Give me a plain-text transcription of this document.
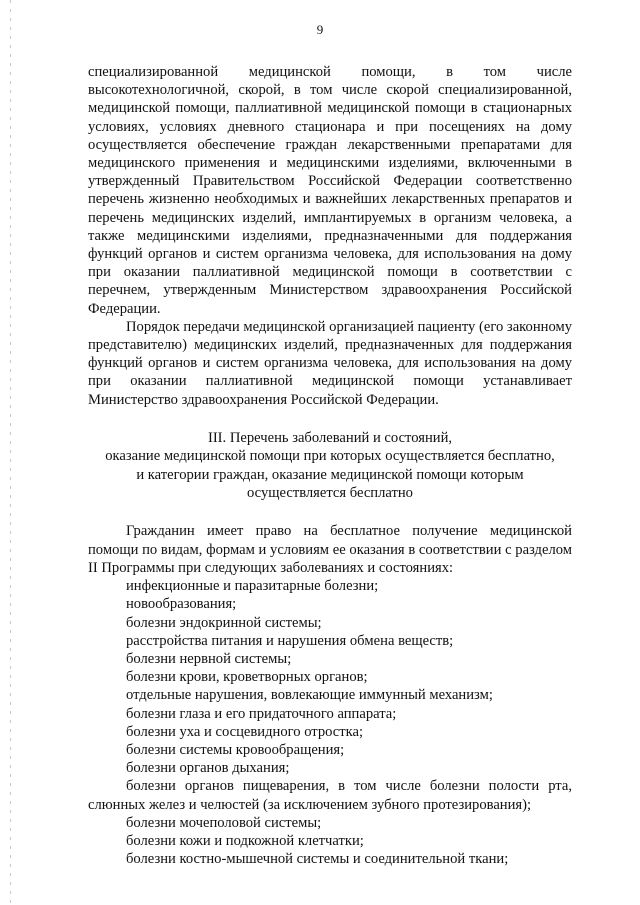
9

специализированной медицинской помощи, в том числе высокотехнологичной, скорой, в том числе скорой специализированной, медицинской помощи, паллиативной медицинской помощи в стационарных условиях, условиях дневного стационара и при посещениях на дому осуществляется обеспечение граждан лекарственными препаратами для медицинского применения и медицинскими изделиями, включенными в утвержденный Правительством Российской Федерации соответственно перечень жизненно необходимых и важнейших лекарственных препаратов и перечень медицинских изделий, имплантируемых в организм человека, а также медицинскими изделиями, предназначенными для поддержания функций органов и систем организма человека, для использования на дому при оказании паллиативной медицинской помощи в соответствии с перечнем, утвержденным Министерством здравоохранения Российской Федерации.

Порядок передачи медицинской организацией пациенту (его законному представителю) медицинских изделий, предназначенных для поддержания функций органов и систем организма человека, для использования на дому при оказании паллиативной медицинской помощи устанавливает Министерство здравоохранения Российской Федерации.

III. Перечень заболеваний и состояний,
оказание медицинской помощи при которых осуществляется бесплатно,
и категории граждан, оказание медицинской помощи которым
осуществляется бесплатно

Гражданин имеет право на бесплатное получение медицинской помощи по видам, формам и условиям ее оказания в соответствии с разделом II Программы при следующих заболеваниях и состояниях:

инфекционные и паразитарные болезни;
новообразования;
болезни эндокринной системы;
расстройства питания и нарушения обмена веществ;
болезни нервной системы;
болезни крови, кроветворных органов;
отдельные нарушения, вовлекающие иммунный механизм;
болезни глаза и его придаточного аппарата;
болезни уха и сосцевидного отростка;
болезни системы кровообращения;
болезни органов дыхания;
болезни органов пищеварения, в том числе болезни полости рта, слюнных желез и челюстей (за исключением зубного протезирования);
болезни мочеполовой системы;
болезни кожи и подкожной клетчатки;
болезни костно-мышечной системы и соединительной ткани;
